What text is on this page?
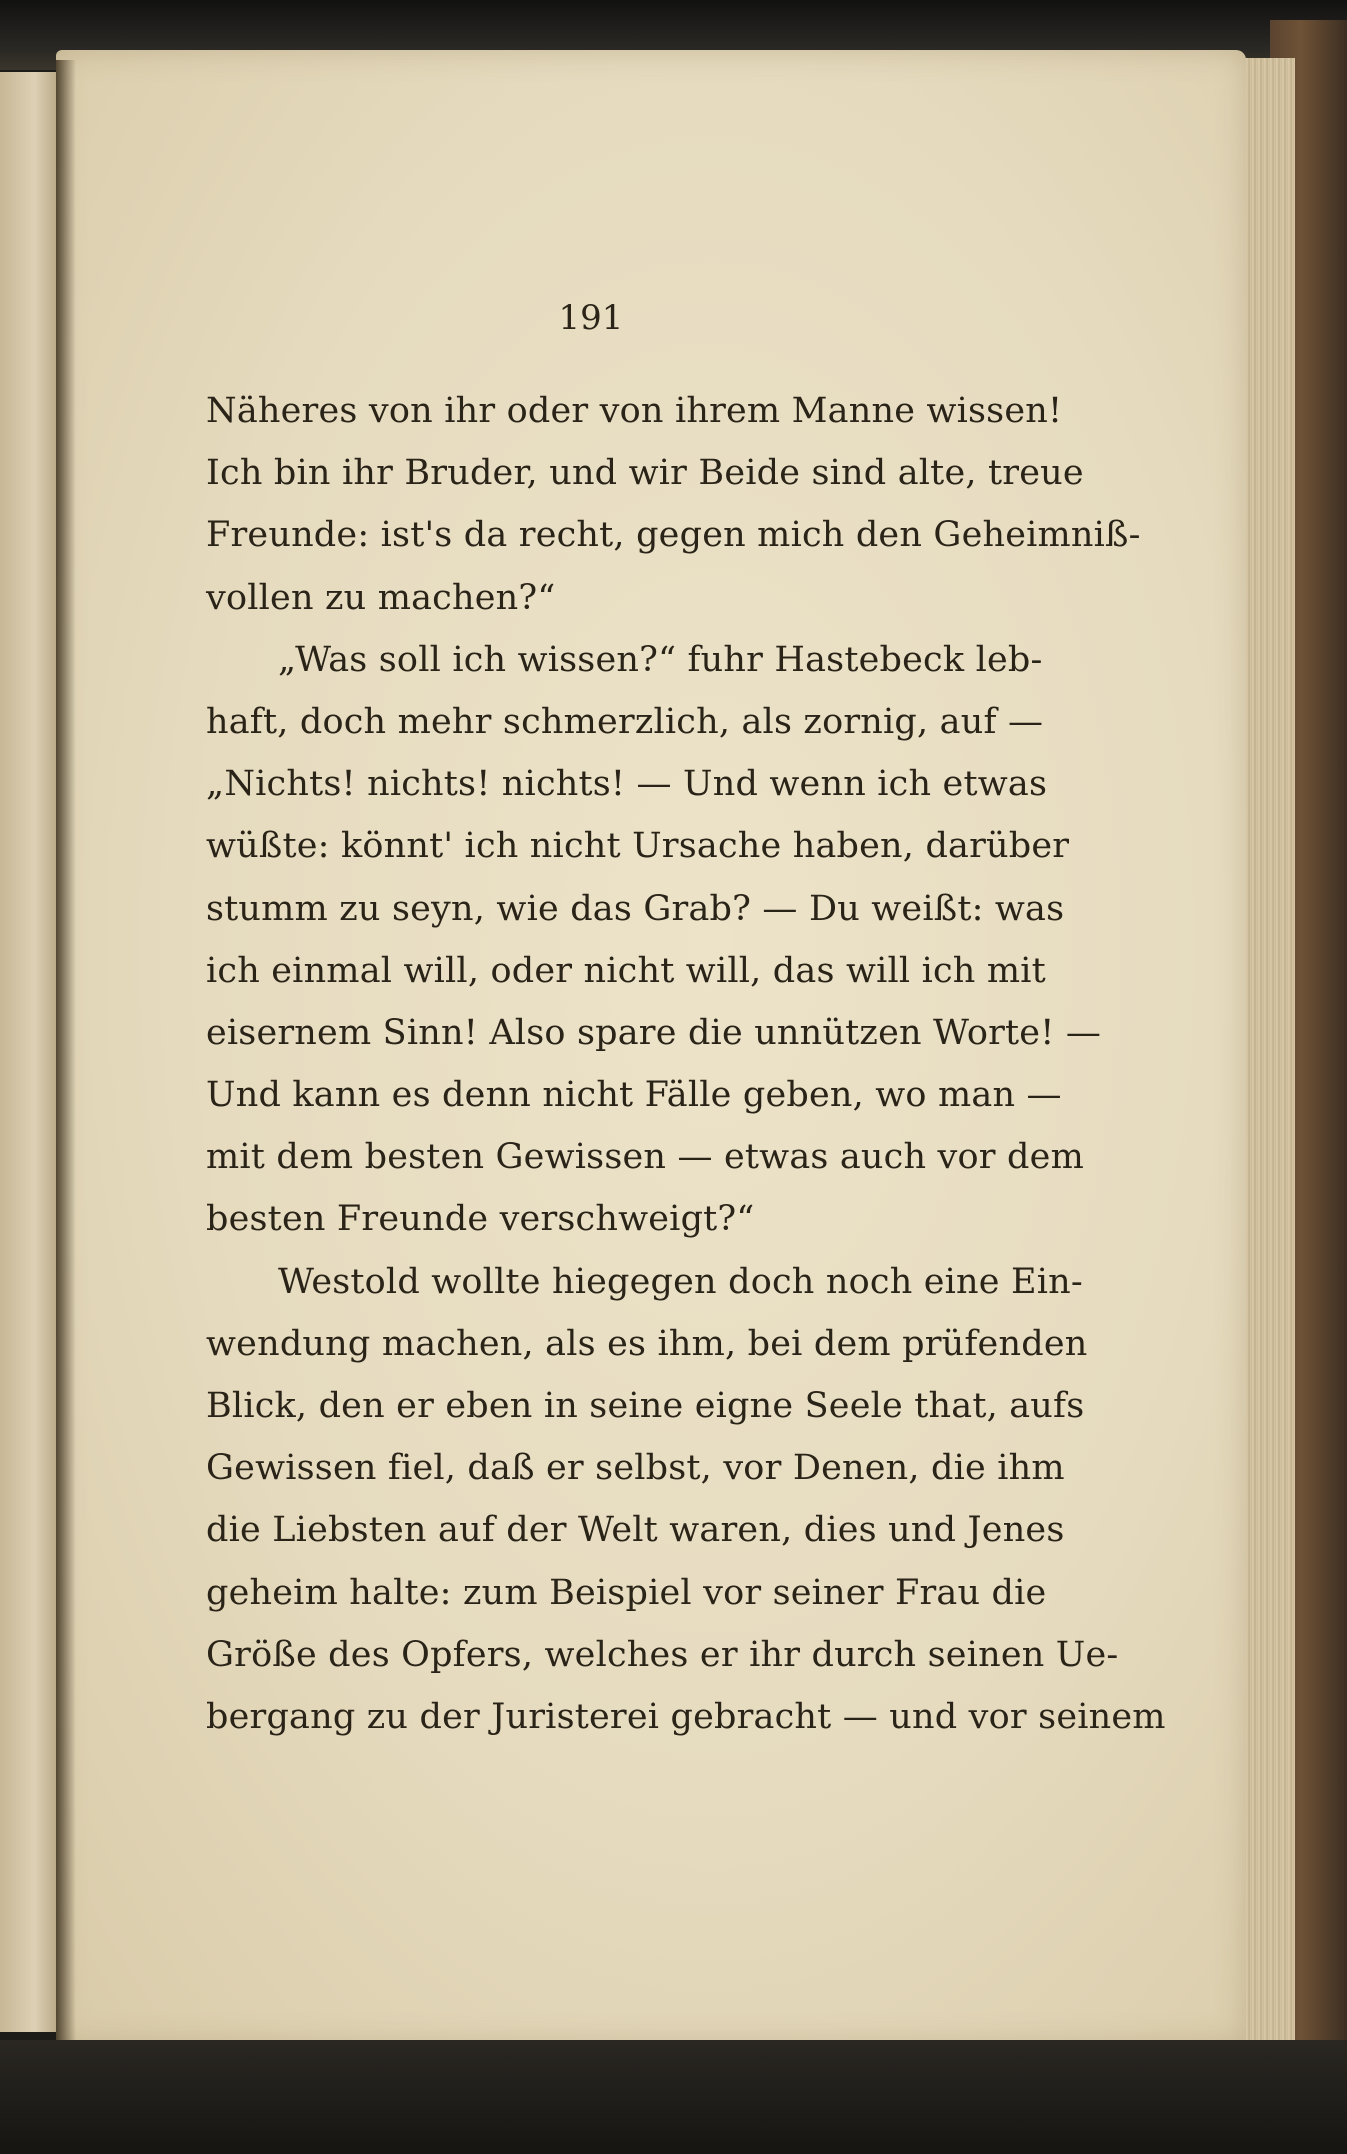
191

Näheres von ihr oder von ihrem Manne wissen!
Ich bin ihr Bruder, und wir Beide sind alte, treue
Freunde: ist's da recht, gegen mich den Geheimniß-
vollen zu machen?“
„Was soll ich wissen?“ fuhr Hastebeck leb-
haft, doch mehr schmerzlich, als zornig, auf —
„Nichts! nichts! nichts! — Und wenn ich etwas
wüßte: könnt' ich nicht Ursache haben, darüber
stumm zu seyn, wie das Grab? — Du weißt: was
ich einmal will, oder nicht will, das will ich mit
eisernem Sinn! Also spare die unnützen Worte! —
Und kann es denn nicht Fälle geben, wo man —
mit dem besten Gewissen — etwas auch vor dem
besten Freunde verschweigt?“
Westold wollte hiegegen doch noch eine Ein-
wendung machen, als es ihm, bei dem prüfenden
Blick, den er eben in seine eigne Seele that, aufs
Gewissen fiel, daß er selbst, vor Denen, die ihm
die Liebsten auf der Welt waren, dies und Jenes
geheim halte: zum Beispiel vor seiner Frau die
Größe des Opfers, welches er ihr durch seinen Ue-
bergang zu der Juristerei gebracht — und vor seinem
